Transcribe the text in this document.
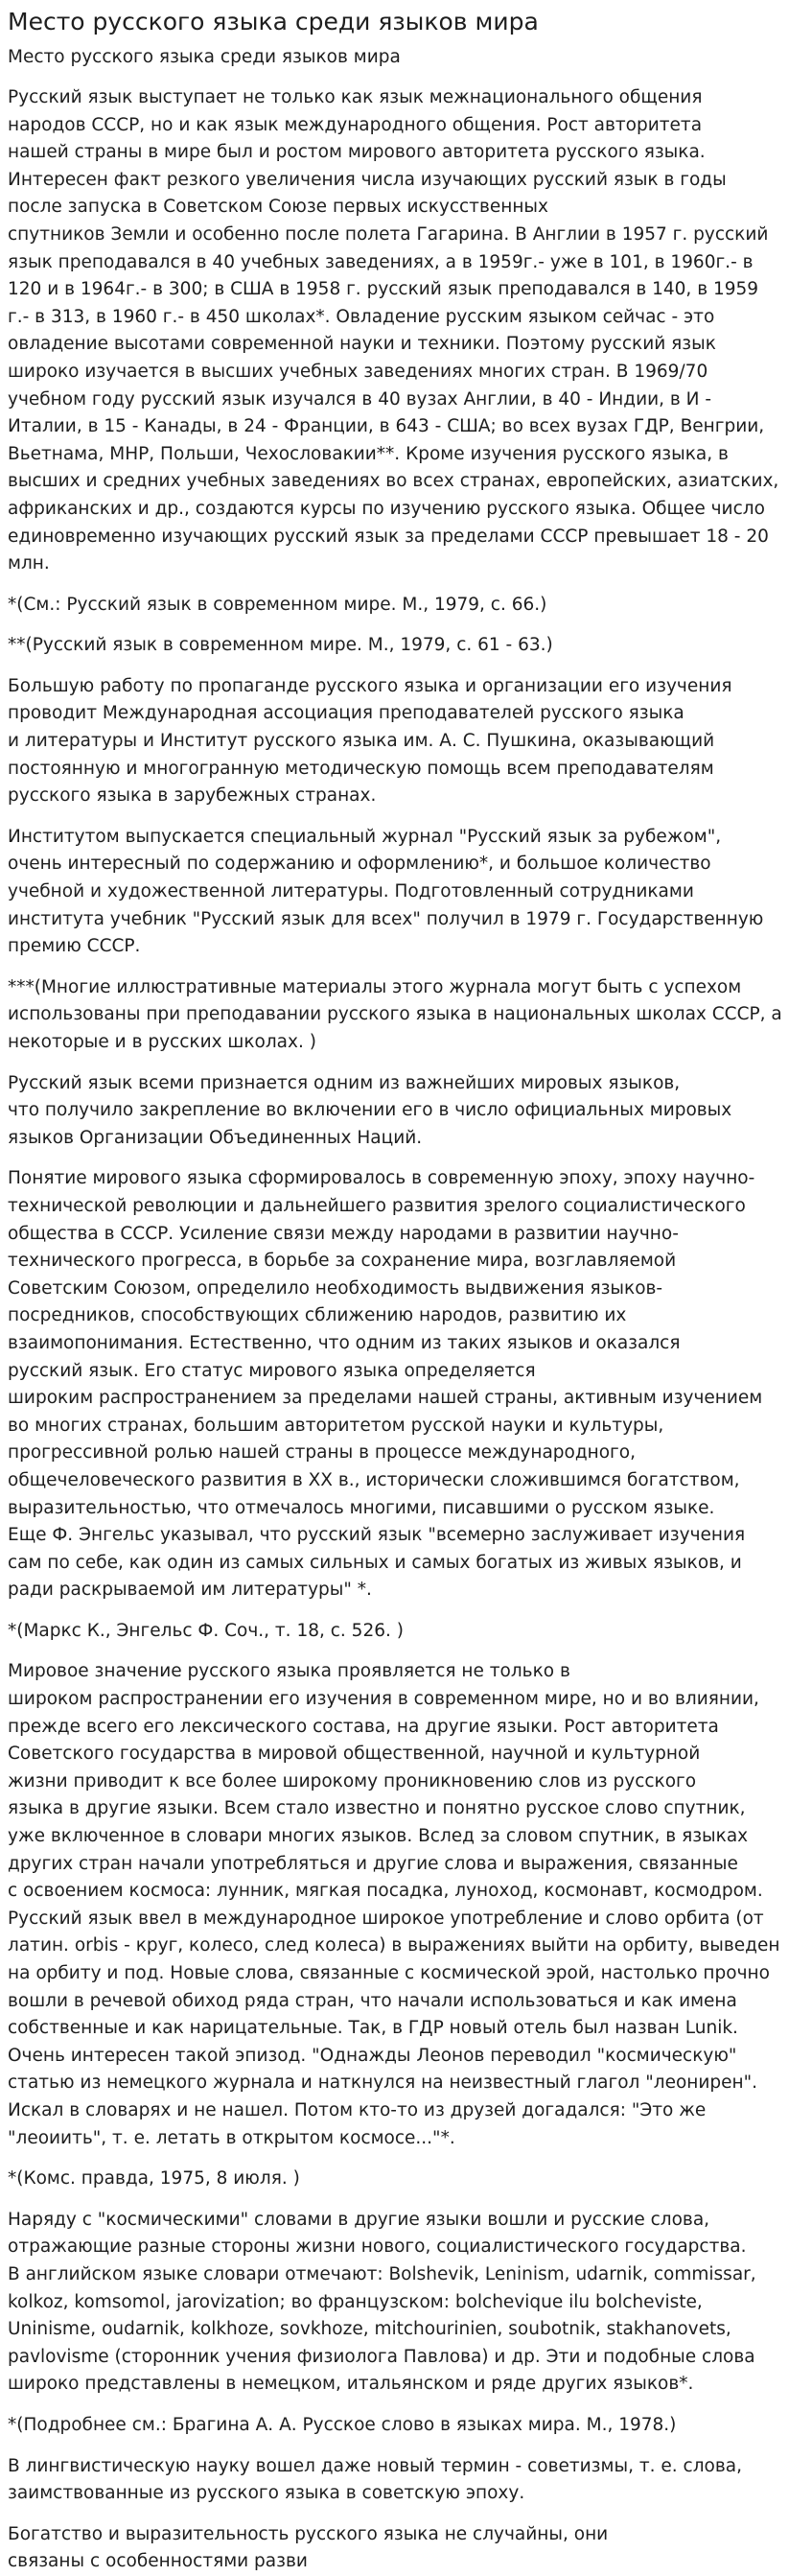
Место русского языка среди языков мира
Место русского языка среди языков мира

Русский язык выступает не только как язык межнационального общения
народов СССР, но и как язык международного общения. Рост авторитета
нашей страны в мире был и ростом мирового авторитета русского языка.
Интересен факт резкого увеличения числа изучающих русский язык в годы
после запуска в Советском Союзе первых искусственных
спутников Земли и особенно после полета Гагарина. В Англии в 1957 г. русский
язык преподавался в 40 учебных заведениях, а в 1959г.- уже в 101, в 1960г.- в
120 и в 1964г.- в 300; в США в 1958 г. русский язык преподавался в 140, в 1959
г.- в 313, в 1960 г.- в 450 школах*. Овладение русским языком сейчас - это
овладение высотами современной науки и техники. Поэтому русский язык
широко изучается в высших учебных заведениях многих стран. В 1969/70
учебном году русский язык изучался в 40 вузах Англии, в 40 - Индии, в И -
Италии, в 15 - Канады, в 24 - Франции, в 643 - США; во всех вузах ГДР, Венгрии,
Вьетнама, МНР, Польши, Чехословакии**. Кроме изучения русского языка, в
высших и средних учебных заведениях во всех странах, европейских, азиатских,
африканских и др., создаются курсы по изучению русского языка. Общее число
единовременно изучающих русский язык за пределами СССР превышает 18 - 20
млн.

*(См.: Русский язык в современном мире. М., 1979, с. 66.)

**(Русский язык в современном мире. М., 1979, с. 61 - 63.)

Большую работу по пропаганде русского языка и организации его изучения
проводит Международная ассоциация преподавателей русского языка
и литературы и Институт русского языка им. А. С. Пушкина, оказывающий
постоянную и многогранную методическую помощь всем преподавателям
русского языка в зарубежных странах.

Институтом выпускается специальный журнал "Русский язык за рубежом",
очень интересный по содержанию и оформлению*, и большое количество
учебной и художественной литературы. Подготовленный сотрудниками
института учебник "Русский язык для всех" получил в 1979 г. Государственную
премию СССР.

***(Многие иллюстративные материалы этого журнала могут быть с успехом
использованы при преподавании русского языка в национальных школах СССР, а
некоторые и в русских школах. )

Русский язык всеми признается одним из важнейших мировых языков,
что получило закрепление во включении его в число официальных мировых
языков Организации Объединенных Наций.

Понятие мирового языка сформировалось в современную эпоху, эпоху научно-
технической революции и дальнейшего развития зрелого социалистического
общества в СССР. Усиление связи между народами в развитии научно-
технического прогресса, в борьбе за сохранение мира, возглавляемой
Советским Союзом, определило необходимость выдвижения языков-
посредников, способствующих сближению народов, развитию их
взаимопонимания. Естественно, что одним из таких языков и оказался
русский язык. Его статус мирового языка определяется
широким распространением за пределами нашей страны, активным изучением
во многих странах, большим авторитетом русской науки и культуры,
прогрессивной ролью нашей страны в процессе международного,
общечеловеческого развития в XX в., исторически сложившимся богатством,
выразительностью, что отмечалось многими, писавшими о русском языке.
Еще Ф. Энгельс указывал, что русский язык "всемерно заслуживает изучения
сам по себе, как один из самых сильных и самых богатых из живых языков, и
ради раскрываемой им литературы" *.

*(Маркс К., Энгельс Ф. Соч., т. 18, с. 526. )

Мировое значение русского языка проявляется не только в
широком распространении его изучения в современном мире, но и во влиянии,
прежде всего его лексического состава, на другие языки. Рост авторитета
Советского государства в мировой общественной, научной и культурной
жизни приводит к все более широкому проникновению слов из русского
языка в другие языки. Всем стало известно и понятно русское слово спутник,
уже включенное в словари многих языков. Вслед за словом спутник, в языках
других стран начали употребляться и другие слова и выражения, связанные
с освоением космоса: лунник, мягкая посадка, луноход, космонавт, космодром.
Русский язык ввел в международное широкое употребление и слово орбита (от
латин. orbis - круг, колесо, след колеса) в выражениях выйти на орбиту, выведен
на орбиту и под. Новые слова, связанные с космической эрой, настолько прочно
вошли в речевой обиход ряда стран, что начали использоваться и как имена
собственные и как нарицательные. Так, в ГДР новый отель был назван Lunik.
Очень интересен такой эпизод. "Однажды Леонов переводил "космическую"
статью из немецкого журнала и наткнулся на неизвестный глагол "леонирен".
Искал в словарях и не нашел. Потом кто-то из друзей догадался: "Это же
"леоиить", т. е. летать в открытом космосе..."*.

*(Комс. правда, 1975, 8 июля. )

Наряду с "космическими" словами в другие языки вошли и русские слова,
отражающие разные стороны жизни нового, социалистического государства.
В английском языке словари отмечают: Bolshevik, Leninism, udarnik, commissar,
kolkoz, komsomol, jarovization; во французском: bolchevique ilu bolcheviste,
Uninisme, oudarnik, kolkhoze, sovkhoze, mitchourinien, soubotnik, stakhanovets,
pavlovisme (сторонник учения физиолога Павлова) и др. Эти и подобные слова
широко представлены в немецком, итальянском и ряде других языков*.

*(Подробнее см.: Брагина А. А. Русское слово в языках мира. М., 1978.)

В лингвистическую науку вошел даже новый термин - советизмы, т. е. слова,
заимствованные из русского языка в советскую эпоху.

Богатство и выразительность русского языка не случайны, они
связаны с особенностями разви
